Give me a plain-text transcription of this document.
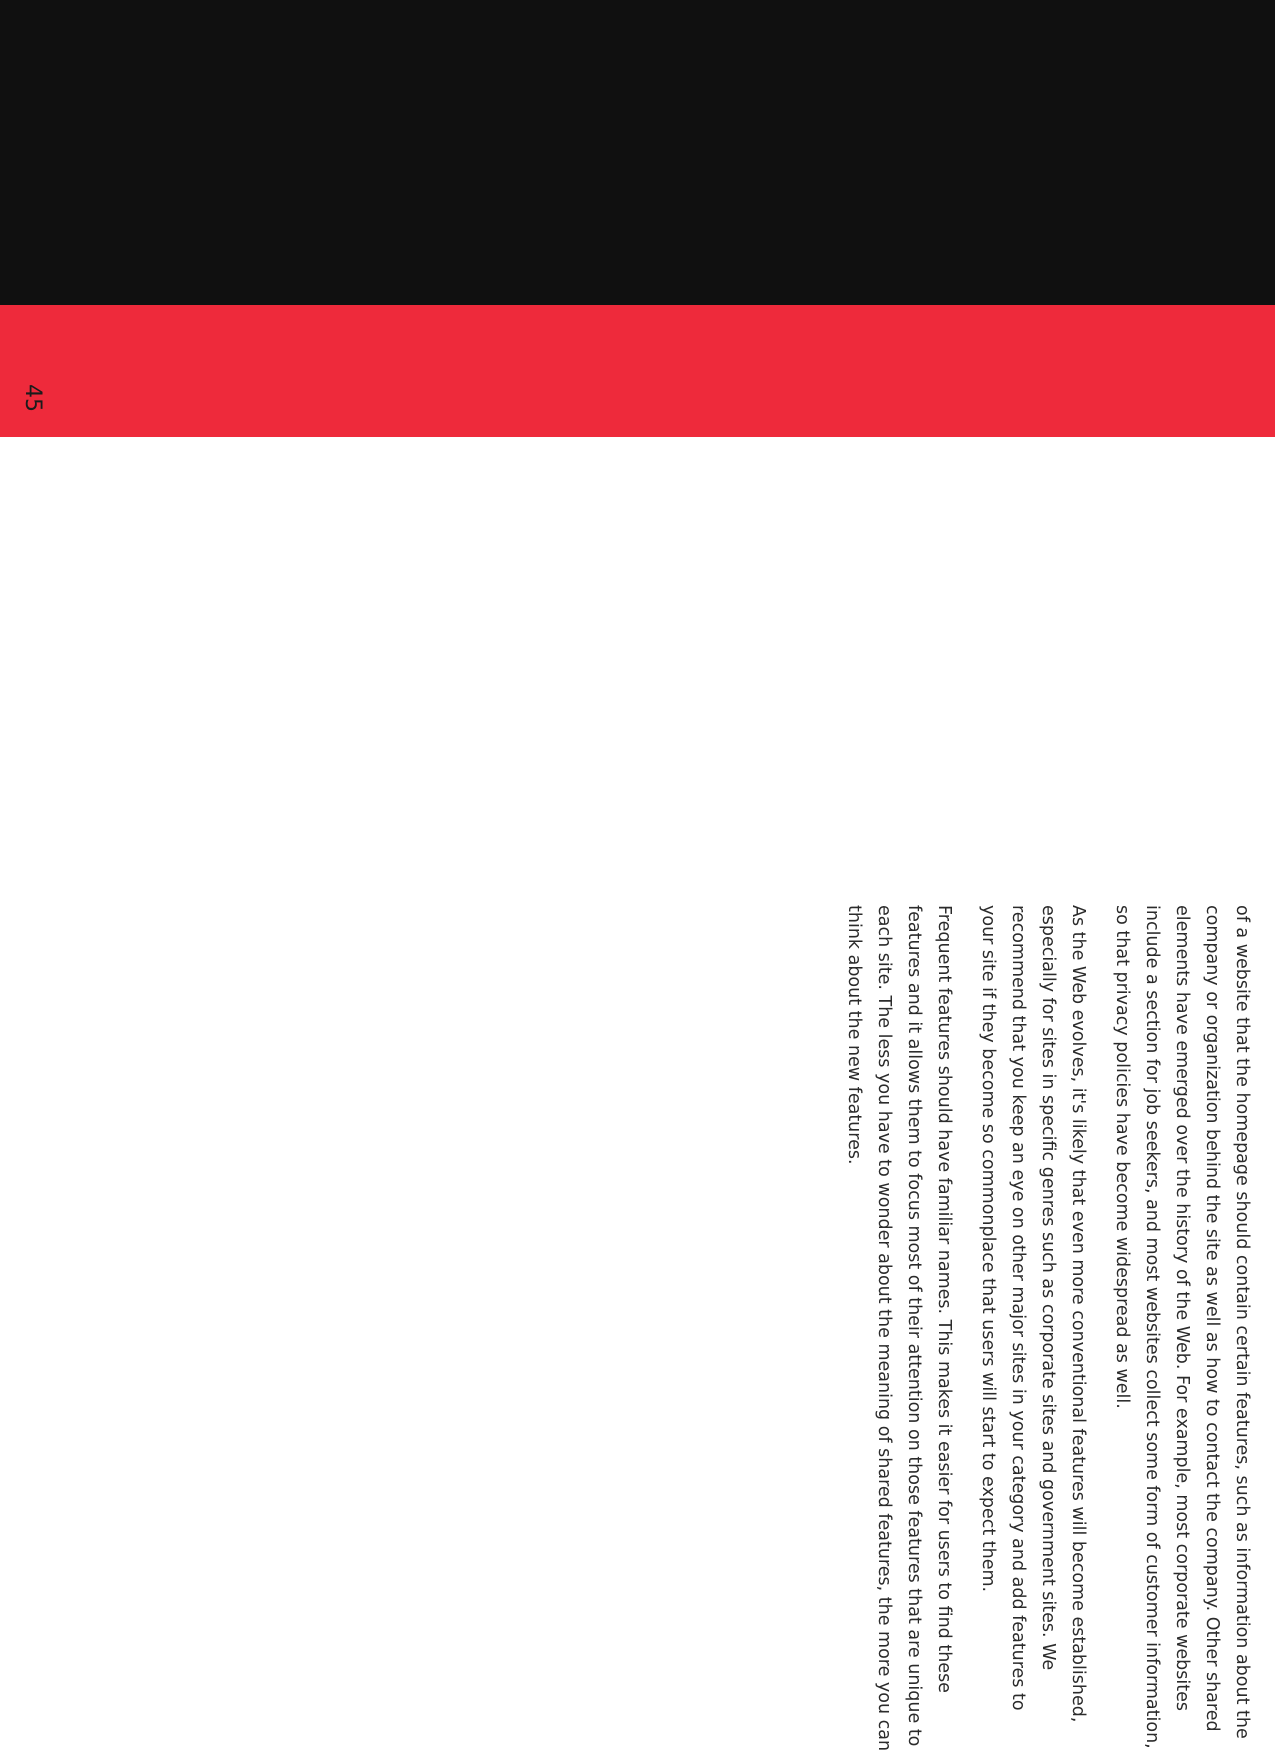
45

of a website that the homepage should contain certain features, such as information about the company or organization behind the site as well as how to contact the company. Other shared elements have emerged over the history of the Web. For example, most corporate websites include a section for job seekers, and most websites collect some form of customer information, so that privacy policies have become widespread as well.

As the Web evolves, it's likely that even more conventional features will become established, especially for sites in specific genres such as corporate sites and government sites. We recommend that you keep an eye on other major sites in your category and add features to your site if they become so commonplace that users will start to expect them.

Frequent features should have familiar names. This makes it easier for users to find these features and it allows them to focus most of their attention on those features that are unique to each site. The less you have to wonder about the meaning of shared features, the more you can think about the new features.
